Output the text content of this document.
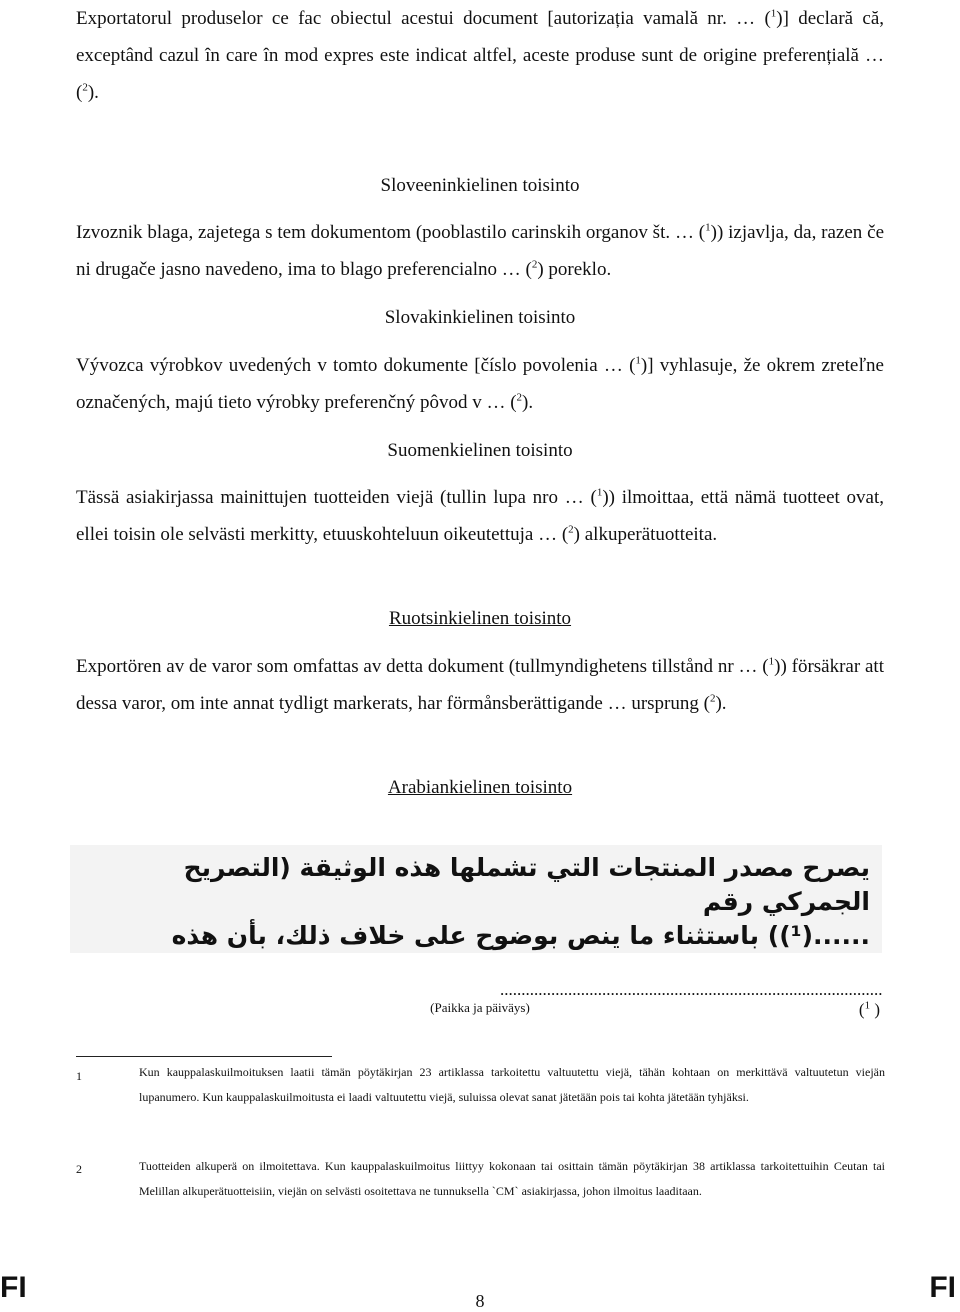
Exportatorul produselor ce fac obiectul acestui document [autorizația vamală nr. … ($^1$)] declară că, exceptând cazul în care în mod expres este indicat altfel, aceste produse sunt de origine preferențială … ($^2$).

Sloveeninkielinen toisinto

Izvoznik blaga, zajetega s tem dokumentom (pooblastilo carinskih organov št. … ($^1$)) izjavlja, da, razen če ni drugače jasno navedeno, ima to blago preferencialno … ($^2$) poreklo.

Slovakinkielinen toisinto

Vývozca výrobkov uvedených v tomto dokumente [číslo povolenia … ($^1$)] vyhlasuje, že okrem zreteľne označených, majú tieto výrobky preferenčný pôvod v … ($^2$).

Suomenkielinen toisinto

Tässä asiakirjassa mainittujen tuotteiden viejä (tullin lupa nro … ($^1$)) ilmoittaa, että nämä tuotteet ovat, ellei toisin ole selvästi merkitty, etuuskohteluun oikeutettuja … ($^2$) alkuperätuotteita.

Ruotsinkielinen toisinto

Exportören av de varor som omfattas av detta dokument (tullmyndighetens tillstånd nr … ($^1$)) försäkrar att dessa varor, om inte annat tydligt markerats, har förmånsberättigande … ursprung ($^2$).

Arabiankielinen toisinto

يصرح مصدر المنتجات التي تشملها هذه الوثيقة (التصريح الجمركي رقم

......(¹)) باستثناء ما ينص بوضوح على خلاف ذلك، بأن هذه

..........................................................................................($^1$ )
(Paikka ja päiväys)
1	Kun kauppalaskuilmoituksen laatii tämän pöytäkirjan 23 artiklassa tarkoitettu valtuutettu viejä, tähän kohtaan on merkittävä valtuutetun viejän lupanumero. Kun kauppalaskuilmoitusta ei laadi valtuutettu viejä, suluissa olevat sanat jätetään pois tai kohta jätetään tyhjäksi.

2	Tuotteiden alkuperä on ilmoitettava. Kun kauppalaskuilmoitus liittyy kokonaan tai osittain tämän pöytäkirjan 38 artiklassa tarkoitettuihin Ceutan tai Melillan alkuperätuotteisiin, viejän on selvästi osoitettava ne tunnuksella `CM` asiakirjassa, johon ilmoitus laaditaan.

FI	8	FI
